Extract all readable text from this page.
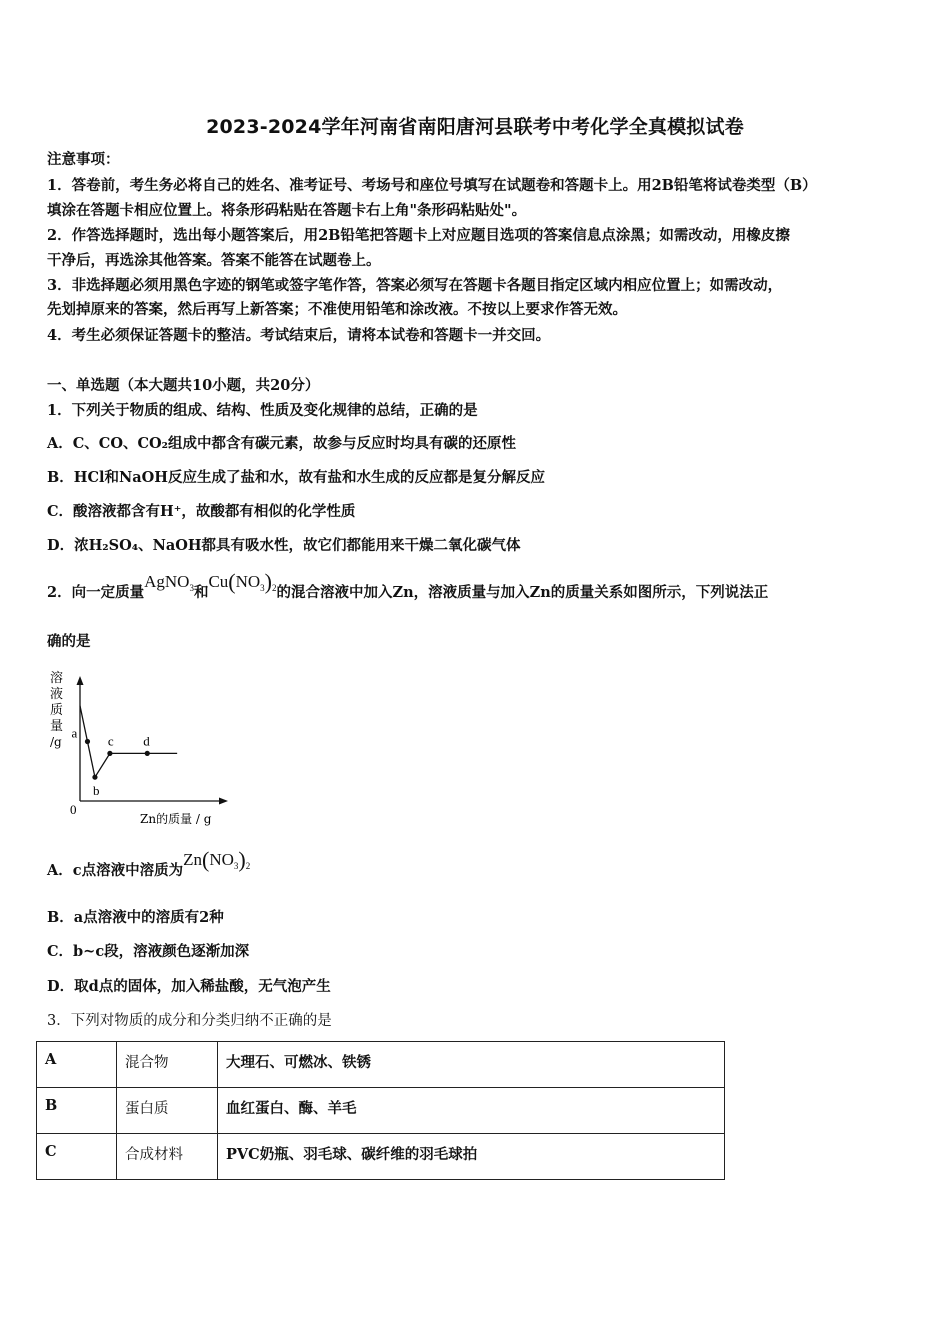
2023-2024学年河南省南阳唐河县联考中考化学全真模拟试卷
注意事项：
1．答卷前，考生务必将自己的姓名、准考证号、考场号和座位号填写在试题卷和答题卡上。用2B铅笔将试卷类型（B）
填涂在答题卡相应位置上。将条形码粘贴在答题卡右上角"条形码粘贴处"。
2．作答选择题时，选出每小题答案后，用2B铅笔把答题卡上对应题目选项的答案信息点涂黑；如需改动，用橡皮擦
干净后，再选涂其他答案。答案不能答在试题卷上。
3．非选择题必须用黑色字迹的钢笔或签字笔作答，答案必须写在答题卡各题目指定区域内相应位置上；如需改动，
先划掉原来的答案，然后再写上新答案；不准使用铅笔和涂改液。不按以上要求作答无效。
4．考生必须保证答题卡的整洁。考试结束后，请将本试卷和答题卡一并交回。
一、单选题（本大题共10小题，共20分）
1．下列关于物质的组成、结构、性质及变化规律的总结，正确的是
A．C、CO、CO₂组成中都含有碳元素，故参与反应时均具有碳的还原性
B．HCl和NaOH反应生成了盐和水，故有盐和水生成的反应都是复分解反应
C．酸溶液都含有H⁺，故酸都有相似的化学性质
D．浓H₂SO₄、NaOH都具有吸水性，故它们都能用来干燥二氧化碳气体
2．向一定质量AgNO$_3$和$Cu(NO_3)_2$的混合溶液中加入Zn，溶液质量与加入Zn的质量关系如图所示，下列说法正
确的是
溶
液
质
量
/g
0
Zn的质量 / g
a
b
c d
A．c点溶液中溶质为$Zn(NO_3)_2$
B．a点溶液中的溶质有2种
C．b~c段，溶液颜色逐渐加深
D．取d点的固体，加入稀盐酸，无气泡产生
3．下列对物质的成分和分类归纳不正确的是
A	混合物	大理石、可燃冰、铁锈
B	蛋白质	血红蛋白、酶、羊毛
C	合成材料	PVC奶瓶、羽毛球、碳纤维的羽毛球拍
